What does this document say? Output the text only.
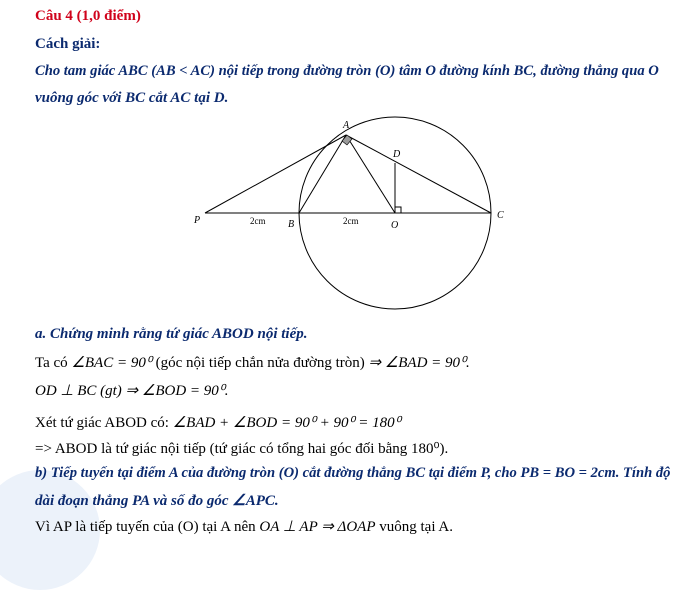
Câu 4 (1,0 điểm)
Cách giải:
Cho tam giác ABC (AB < AC) nội tiếp trong đường tròn (O) tâm O đường kính BC, đường thẳng qua O
vuông góc với BC cắt AC tại D.
A
D
P	B	O
C
2cm	2cm
a. Chứng minh rằng tứ giác ABOD nội tiếp.
Ta có ∠BAC = 90⁰ (góc nội tiếp chắn nửa đường tròn) ⇒ ∠BAD = 90⁰.
OD ⊥ BC (gt) ⇒ ∠BOD = 90⁰.
Xét tứ giác ABOD có: ∠BAD + ∠BOD = 90⁰ + 90⁰ = 180⁰
=> ABOD là tứ giác nội tiếp (tứ giác có tổng hai góc đối bằng 180⁰).
b) Tiếp tuyến tại điểm A của đường tròn (O) cắt đường thẳng BC tại điểm P, cho PB = BO = 2cm. Tính độ
dài đoạn thẳng PA và số đo góc ∠APC.
Vì AP là tiếp tuyến của (O) tại A nên OA ⊥ AP ⇒ ΔOAP vuông tại A.
